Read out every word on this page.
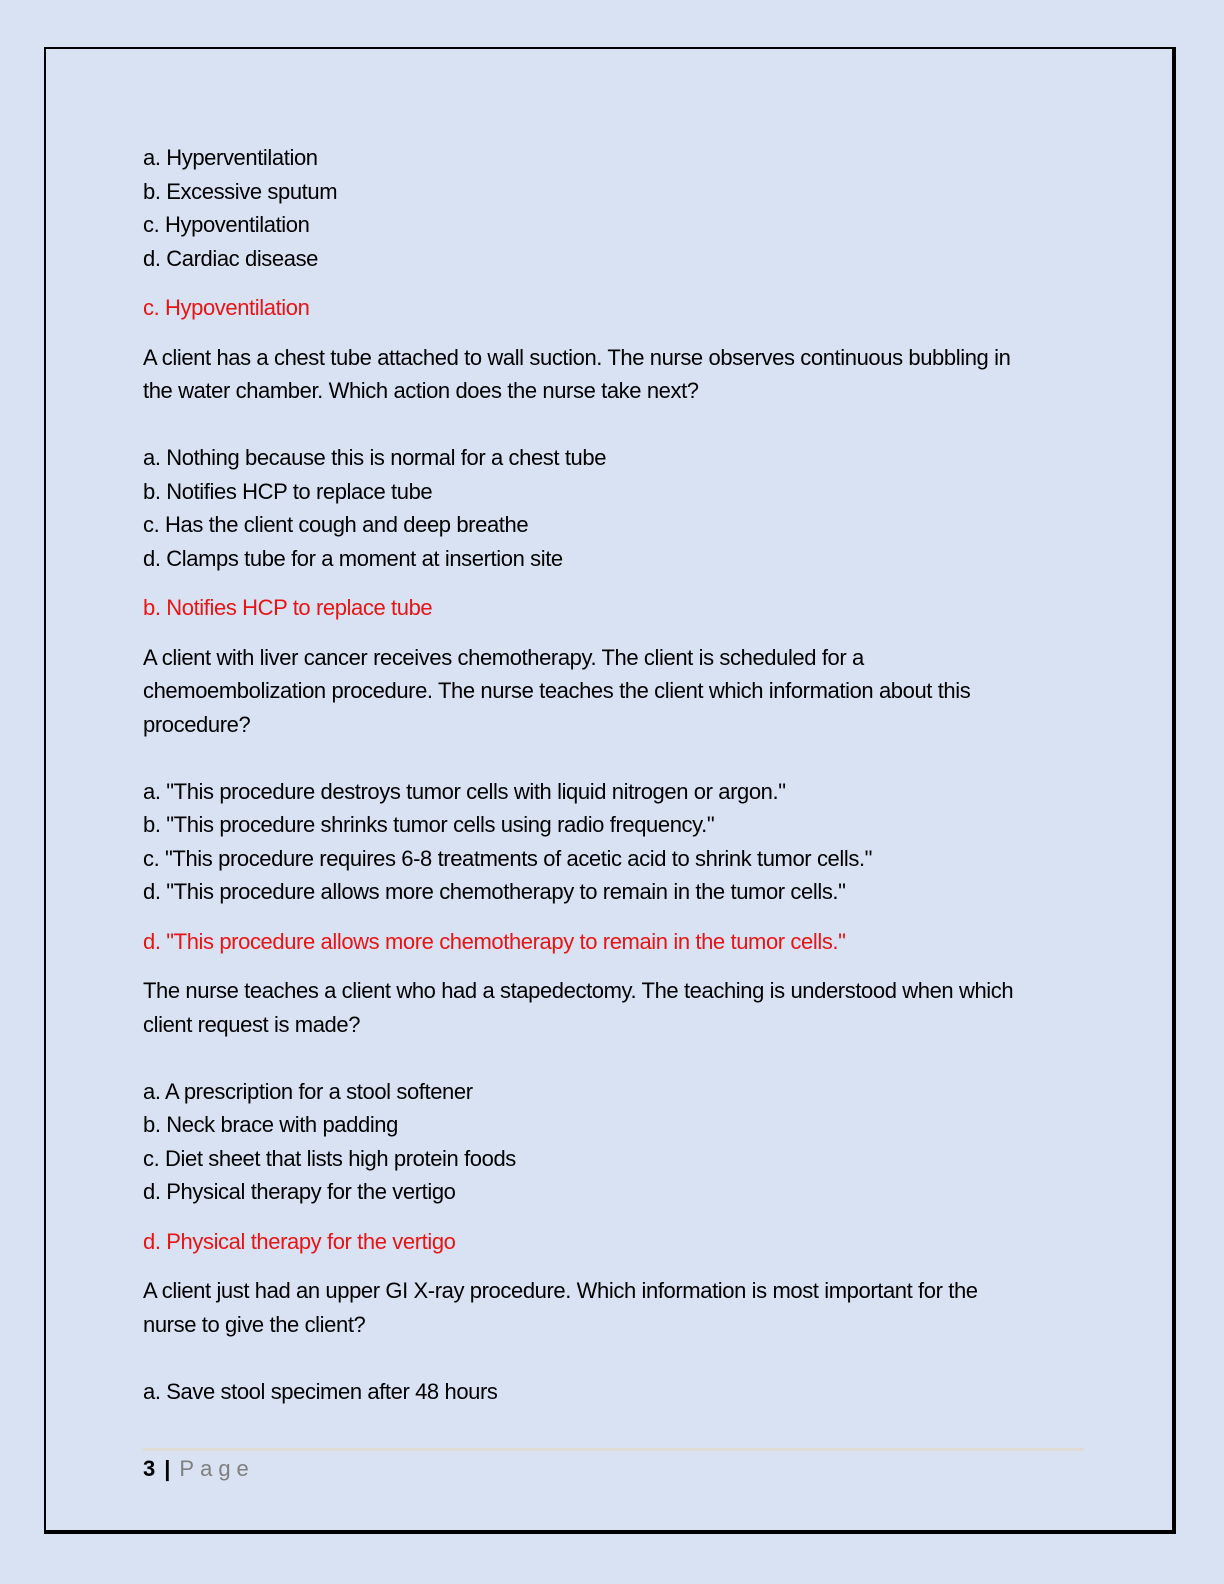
a. Hyperventilation
b. Excessive sputum
c. Hypoventilation
d. Cardiac disease
c. Hypoventilation
A client has a chest tube attached to wall suction. The nurse observes continuous bubbling in
the water chamber. Which action does the nurse take next?
a. Nothing because this is normal for a chest tube
b. Notifies HCP to replace tube
c. Has the client cough and deep breathe
d. Clamps tube for a moment at insertion site
b. Notifies HCP to replace tube
A client with liver cancer receives chemotherapy. The client is scheduled for a
chemoembolization procedure. The nurse teaches the client which information about this
procedure?
a. "This procedure destroys tumor cells with liquid nitrogen or argon."
b. "This procedure shrinks tumor cells using radio frequency."
c. "This procedure requires 6-8 treatments of acetic acid to shrink tumor cells."
d. "This procedure allows more chemotherapy to remain in the tumor cells."
d. "This procedure allows more chemotherapy to remain in the tumor cells."
The nurse teaches a client who had a stapedectomy. The teaching is understood when which
client request is made?
a. A prescription for a stool softener
b. Neck brace with padding
c. Diet sheet that lists high protein foods
d. Physical therapy for the vertigo
d. Physical therapy for the vertigo
A client just had an upper GI X-ray procedure. Which information is most important for the
nurse to give the client?
a. Save stool specimen after 48 hours
3 | Page
